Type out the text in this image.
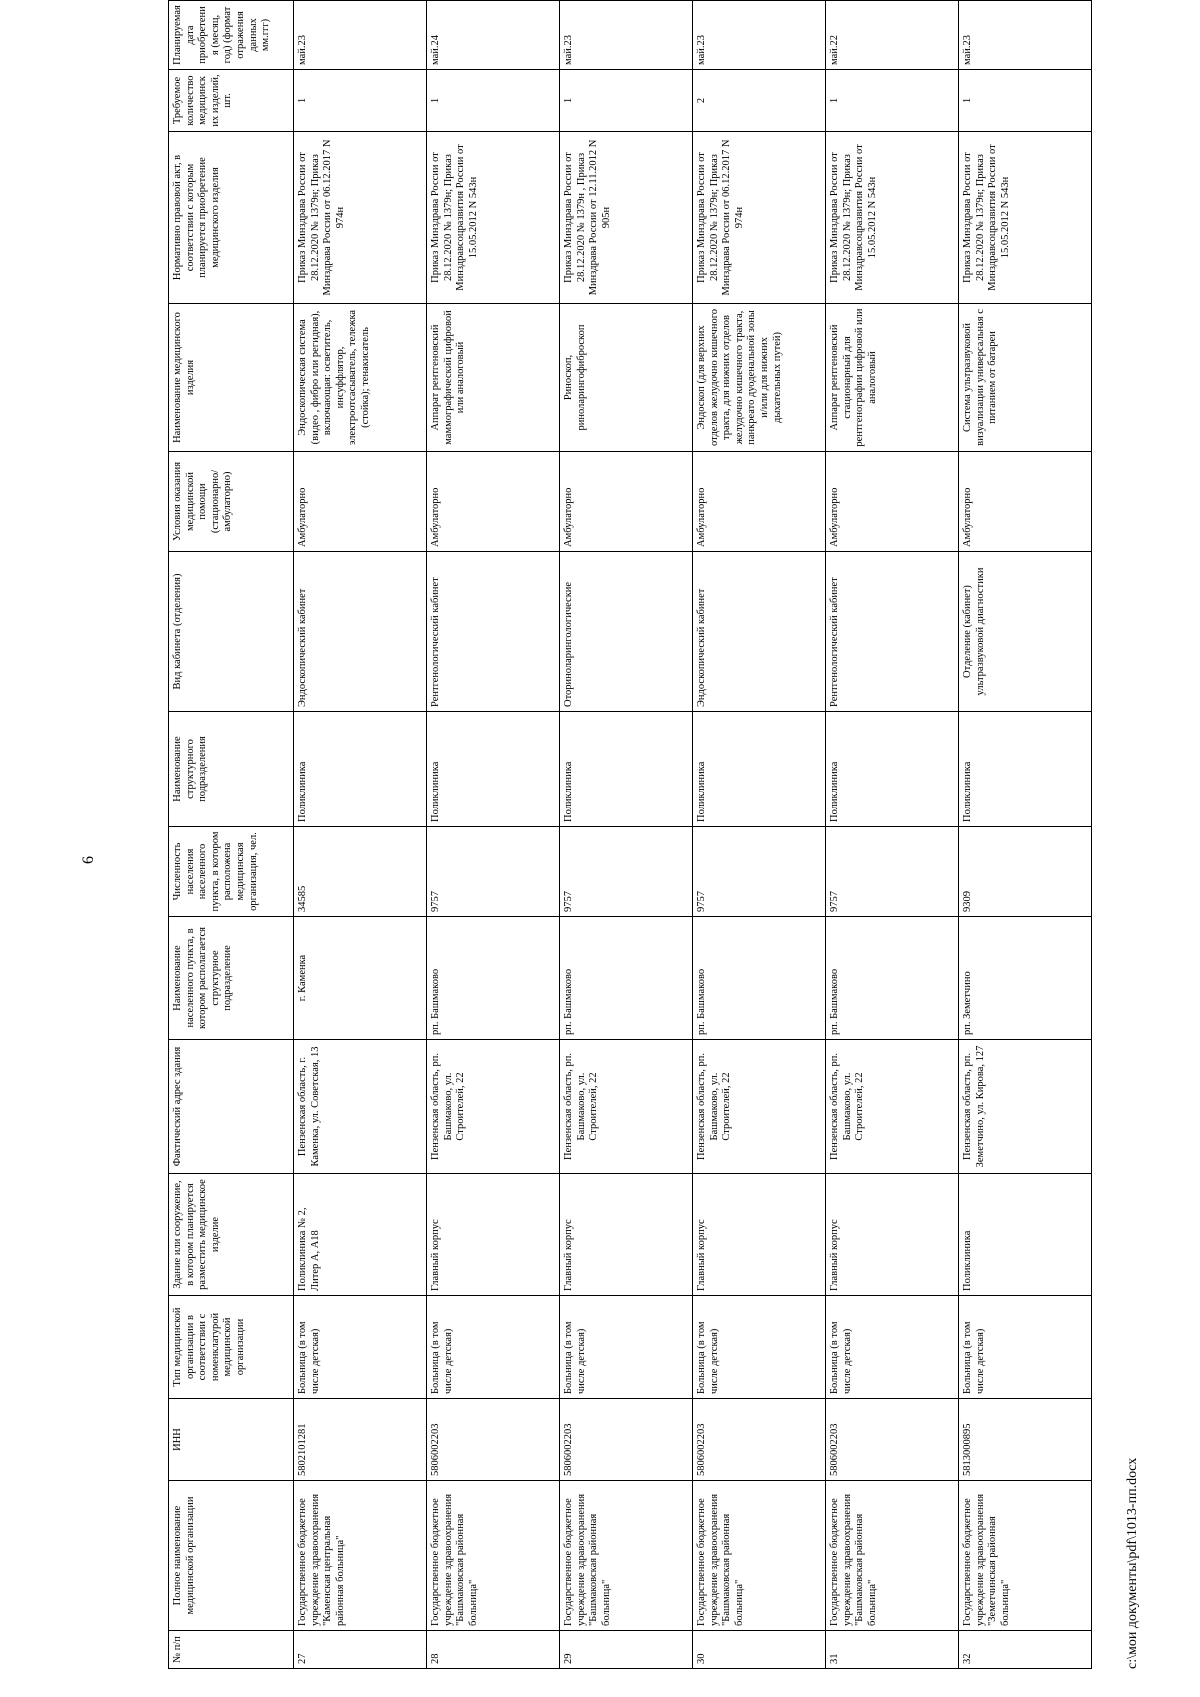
6
№ п/п	Полное наименование медицинской организации	ИНН	Тип медицинской организации в соответствии с номенклатурой медицинской организации	Здание или сооружение, в котором планируется разместить медицинское изделие	Фактический адрес здания	Наименование населенного пункта, в котором располагается структурное подразделение	Численность населения населенного пункта, в котором расположена медицинская организация, чел.	Наименование структурного подразделения	Вид кабинета (отделения)	Условия оказания медицинской помощи (стационарно/ амбулаторно)	Наименование медицинского изделия	Нормативно правовой акт, в соответствии с которым планируется приобретение медицинского изделия	Требуемое количество медицинских изделий, шт.	Планируемая дата приобретения (месяц, год) (формат отражения данных мм.ггг)
27	Государственное бюджетное учреждение здравоохранения "Каменская центральная районная больница"	5802101281	Больница (в том числе детская)	Поликлиника № 2, Литер А, А18	Пензенская область, г. Каменка, ул. Советская, 13	г. Каменка	34585	Поликлиника	Эндоскопический кабинет	Амбулаторно	Эндоскопическая система (видео , фибро или регидная), включающая: осветитель, инсуффлятор, электроотсасыватель, тележка (стойка); тенакисатель	Приказ Минздрава России от 28.12.2020 № 1379н; Приказ Минздрава России от 06.12.2017 N 974н	1	май.23
28	Государственное бюджетное учреждение здравоохранения "Башмаковская районная больница"	5806002203	Больница (в том числе детская)	Главный корпус	Пензенская область, рп. Башмаково, ул. Строителей, 22	рп. Башмаково	9757	Поликлиника	Рентгенологический кабинет	Амбулаторно	Аппарат рентгеновский маммографический цифровой или аналоговый	Приказ Минздрава России от 28.12.2020 № 1379н; Приказ Минздравсоцразвития России от 15.05.2012 N 543н	1	май.24
29	Государственное бюджетное учреждение здравоохранения "Башмаковская районная больница"	5806002203	Больница (в том числе детская)	Главный корпус	Пензенская область, рп. Башмаково, ул. Строителей, 22	рп. Башмаково	9757	Поликлиника	Оториноларингологические	Амбулаторно	Риноскоп, риноларингофиброскоп	Приказ Минздрава России от 28.12.2020 № 1379н , Приказ Минздрава России от 12.11.2012 N 905н	1	май.23
30	Государственное бюджетное учреждение здравоохранения "Башмаковская районная больница"	5806002203	Больница (в том числе детская)	Главный корпус	Пензенская область, рп. Башмаково, ул. Строителей, 22	рп. Башмаково	9757	Поликлиника	Эндоскопический кабинет	Амбулаторно	Эндоскоп (для верхних отделов желудочно кишечного тракта, для нижних отделов желудочно кишечного тракта, панкреато дуоденальной зоны и/или для нижних дыхательных путей)	Приказ Минздрава России от 28.12.2020 № 1379н; Приказ Минздрава России от 06.12.2017 N 974н	2	май.23
31	Государственное бюджетное учреждение здравоохранения "Башмаковская районная больница"	5806002203	Больница (в том числе детская)	Главный корпус	Пензенская область, рп. Башмаково, ул. Строителей, 22	рп. Башмаково	9757	Поликлиника	Рентгенологический кабинет	Амбулаторно	Аппарат рентгеновский стационарный для рентгенографии цифровой или аналоговый	Приказ Минздрава России от 28.12.2020 № 1379н; Приказ Минздравсоцразвития России от 15.05.2012 N 543н	1	май.22
32	Государственное бюджетное учреждение здравоохранения "Земетчинская районная больница"	5813000895	Больница (в том числе детская)	Поликлиника	Пензенская область, рп. Земетчино, ул. Кирова, 127	рп. Земетчино	9309	Поликлиника	Отделение (кабинет) ультразвуковой диагностики	Амбулаторно	Система ультразвуковой визуализации универсальная с питанием от батареи	Приказ Минздрава России от 28.12.2020 № 1379н; Приказ Минздравсоцразвития России от 15.05.2012 N 543н	1	май.23
c:\мои документы\pdf\1013-пп.docx
